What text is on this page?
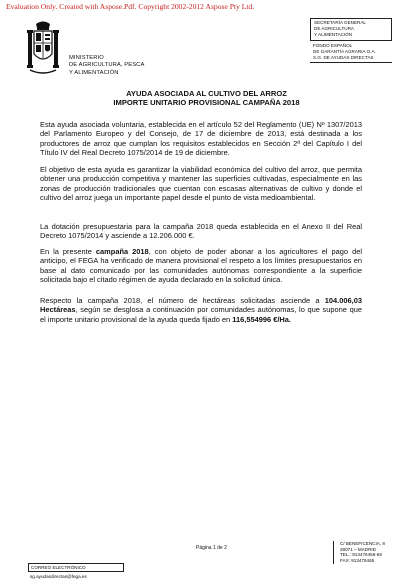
Evaluation Only. Created with Aspose.Pdf. Copyright 2002-2012 Aspose Pty Ltd.
MINISTERIO
DE AGRICULTURA, PESCA
Y ALIMENTACIÓN
SECRETARÍA GENERAL
DE AGRICULTURA
Y ALIMENTACIÓN
FONDO ESPAÑOL
DE GARANTÍA AGRARIA O.A.
S.G. DE AYUDAS DIRECTAS
AYUDA ASOCIADA AL CULTIVO DEL ARROZ
IMPORTE UNITARIO PROVISIONAL CAMPAÑA 2018

Esta ayuda asociada voluntaria, establecida en el artículo 52 del Reglamento (UE) Nº 1307/2013 del Parlamento Europeo y del Consejo, de 17 de diciembre de 2013, está destinada a los productores de arroz que cumplan los requisitos establecidos en Sección 2ª del Capítulo I del Título IV del Real Decreto 1075/2014 de 19 de diciembre.

El objetivo de esta ayuda es garantizar la viabilidad económica del cultivo del arroz, que permita obtener una producción competitiva y mantener las superficies cultivadas, especialmente en las zonas de producción tradicionales que cuentan con escasas alternativas de cultivo y donde el cultivo del arroz juega un importante papel desde el punto de vista medioambiental.

La dotación presupuestaria para la campaña 2018 queda establecida en el Anexo II del Real Decreto 1075/2014 y asciende a 12.206.000 €.

En la presente campaña 2018, con objeto de poder abonar a los agricultores el pago del anticipo, el FEGA ha verificado de manera provisional el respeto a los límites presupuestarios en base al dato comunicado por las comunidades autónomas correspondiente a la superficie solicitada bajo el citado régimen de ayuda declarado en la solicitud única.

Respecto la campaña 2018, el número de hectáreas solicitadas asciende a 104.006,03 Hectáreas, según se desglosa a continuación por comunidades autónomas, lo que supone que el importe unitario provisional de la ayuda queda fijado en 116,554996 €/Ha.

Página 1 de 2
C/ BENEFICENCIA, 8
28071 – MADRID
TEL.: 913476466-68
FAX: 913476465
CORREO ELECTRÓNICO
sg.ayudasdirectas@fega.es
